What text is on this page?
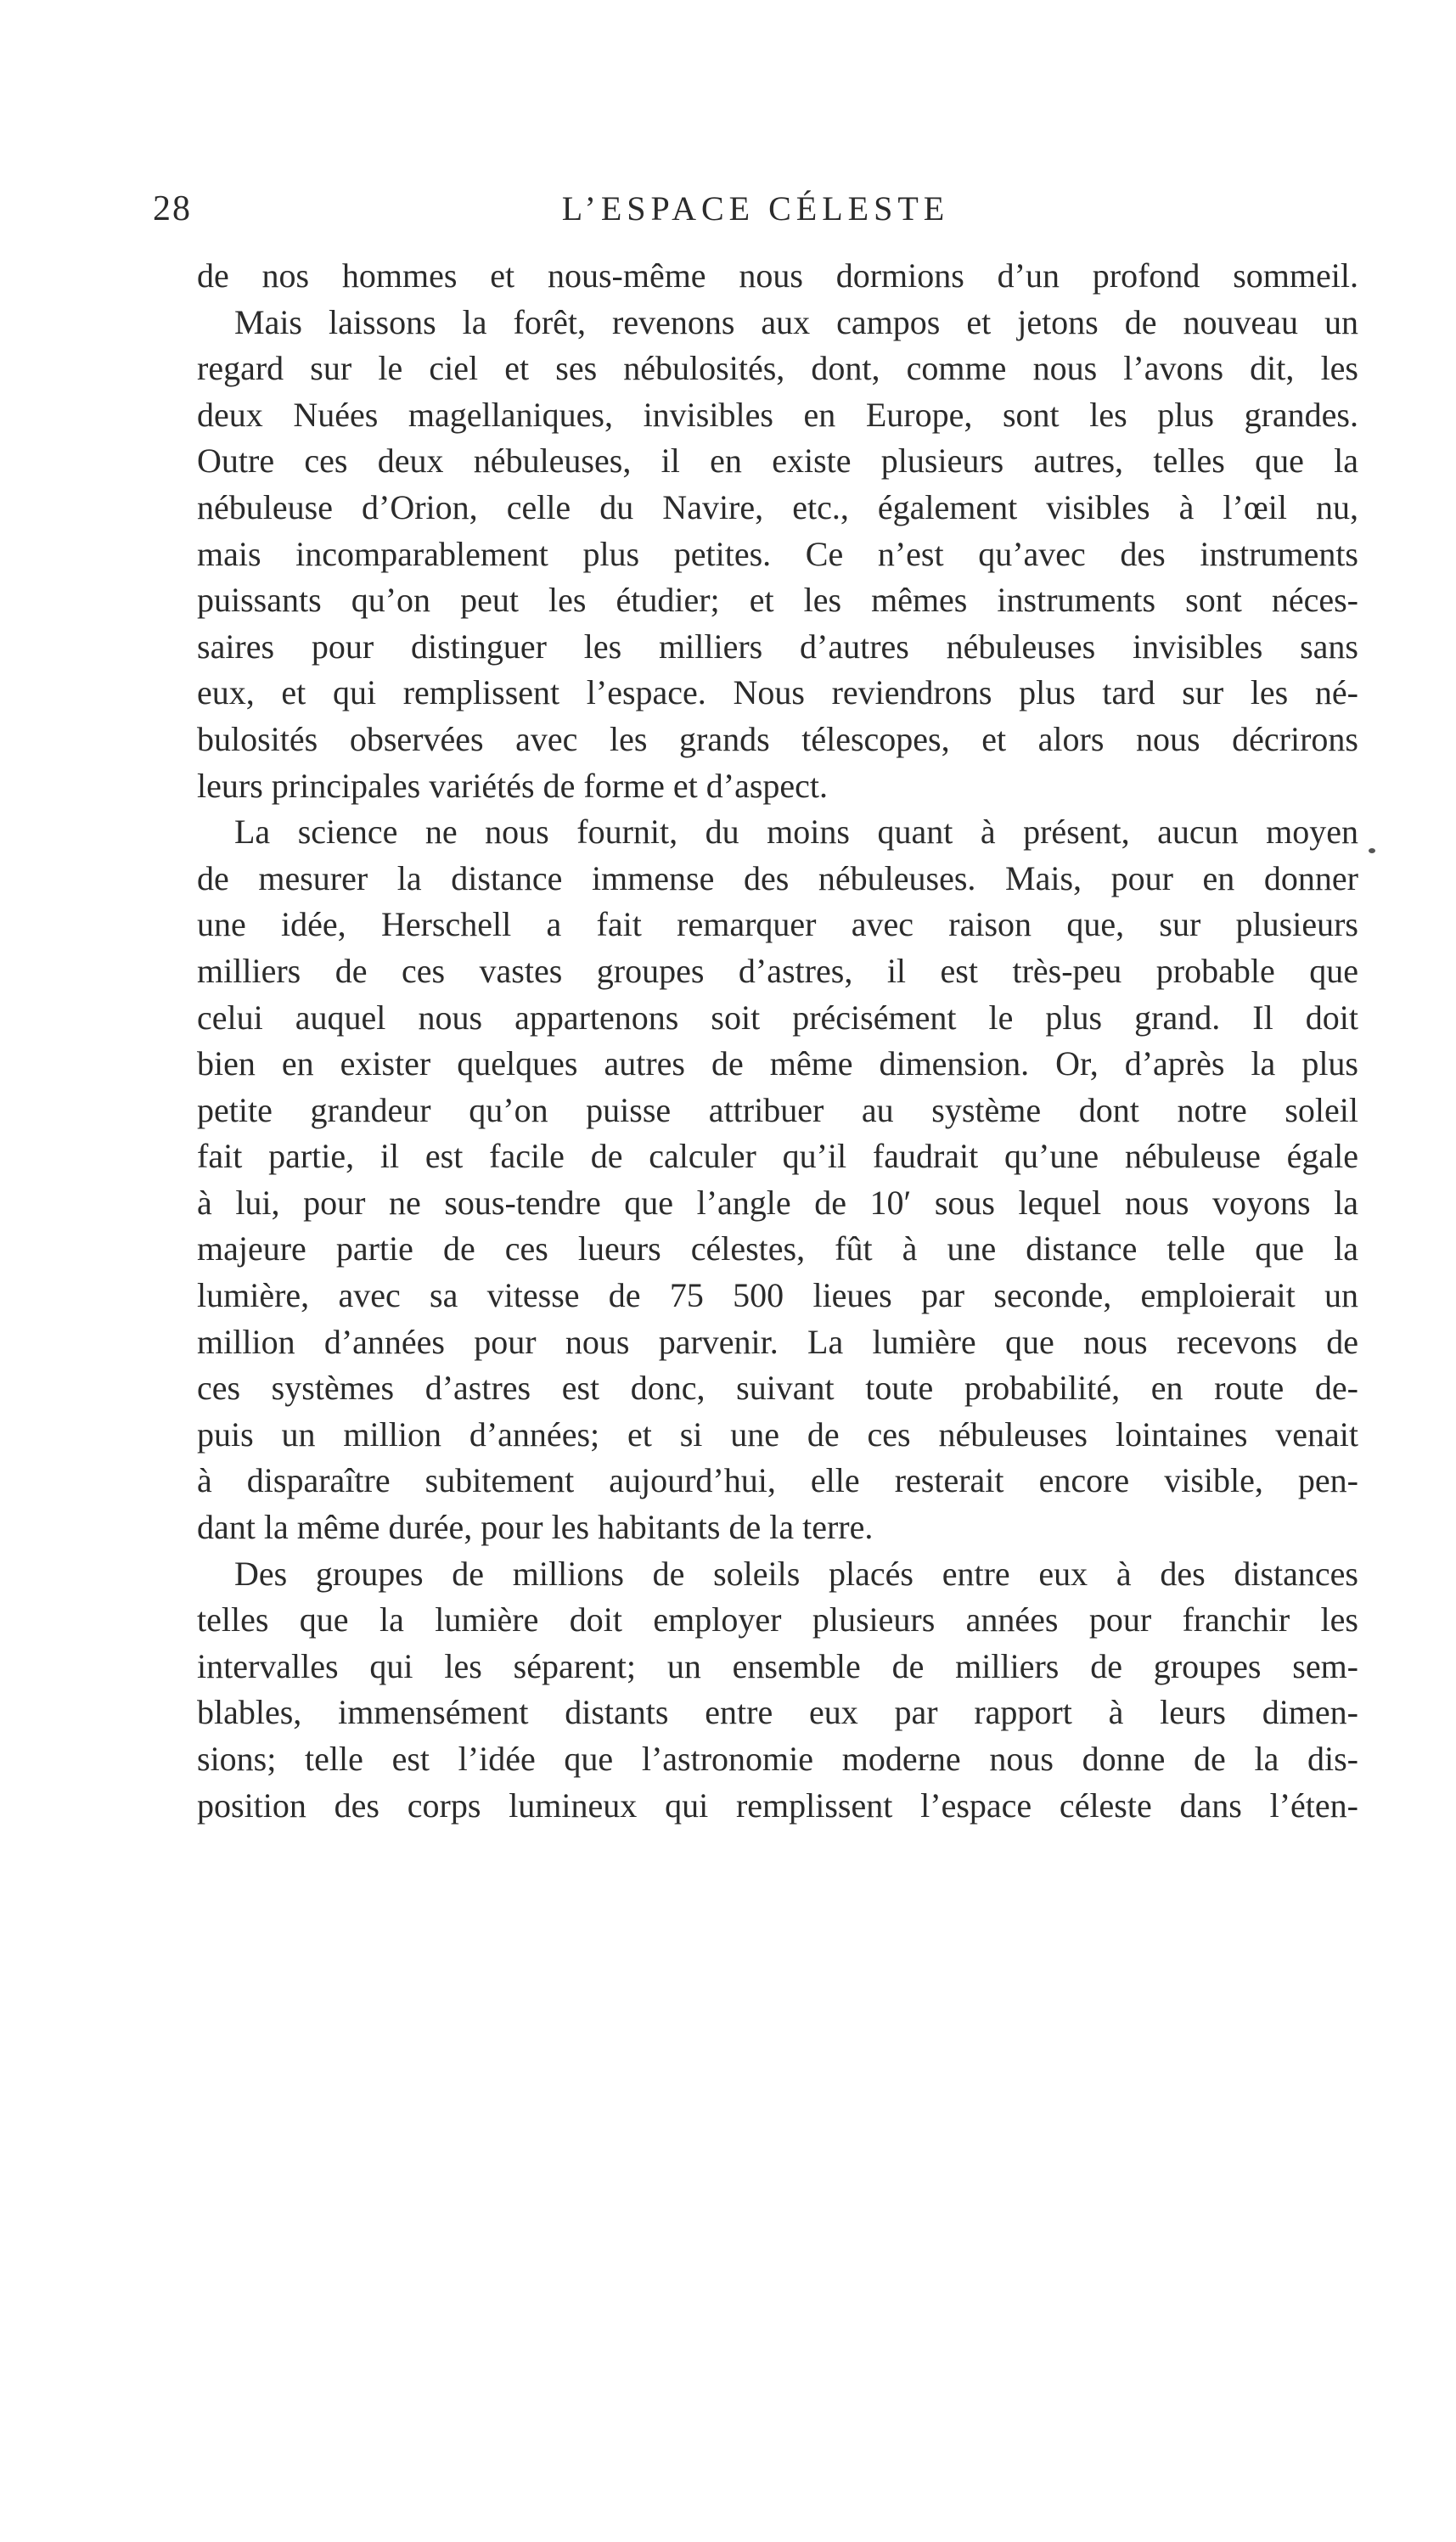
28	L’ESPACE CÉLESTE
de nos hommes et nous-même nous dormions d’un profond sommeil.
Mais laissons la forêt, revenons aux campos et jetons de nouveau un
regard sur le ciel et ses nébulosités, dont, comme nous l’avons dit, les
deux Nuées magellaniques, invisibles en Europe, sont les plus grandes.
Outre ces deux nébuleuses, il en existe plusieurs autres, telles que la
nébuleuse d’Orion, celle du Navire, etc., également visibles à l’œil nu,
mais incomparablement plus petites. Ce n’est qu’avec des instruments
puissants qu’on peut les étudier; et les mêmes instruments sont néces-
saires pour distinguer les milliers d’autres nébuleuses invisibles sans
eux, et qui remplissent l’espace. Nous reviendrons plus tard sur les né-
bulosités observées avec les grands télescopes, et alors nous décrirons
leurs principales variétés de forme et d’aspect.
La science ne nous fournit, du moins quant à présent, aucun moyen
de mesurer la distance immense des nébuleuses. Mais, pour en donner
une idée, Herschell a fait remarquer avec raison que, sur plusieurs
milliers de ces vastes groupes d’astres, il est très-peu probable que
celui auquel nous appartenons soit précisément le plus grand. Il doit
bien en exister quelques autres de même dimension. Or, d’après la plus
petite grandeur qu’on puisse attribuer au système dont notre soleil
fait partie, il est facile de calculer qu’il faudrait qu’une nébuleuse égale
à lui, pour ne sous-tendre que l’angle de 10′ sous lequel nous voyons la
majeure partie de ces lueurs célestes, fût à une distance telle que la
lumière, avec sa vitesse de 75 500 lieues par seconde, emploierait un
million d’années pour nous parvenir. La lumière que nous recevons de
ces systèmes d’astres est donc, suivant toute probabilité, en route de-
puis un million d’années; et si une de ces nébuleuses lointaines venait
à disparaître subitement aujourd’hui, elle resterait encore visible, pen-
dant la même durée, pour les habitants de la terre.
Des groupes de millions de soleils placés entre eux à des distances
telles que la lumière doit employer plusieurs années pour franchir les
intervalles qui les séparent; un ensemble de milliers de groupes sem-
blables, immensément distants entre eux par rapport à leurs dimen-
sions; telle est l’idée que l’astronomie moderne nous donne de la dis-
position des corps lumineux qui remplissent l’espace céleste dans l’éten-
